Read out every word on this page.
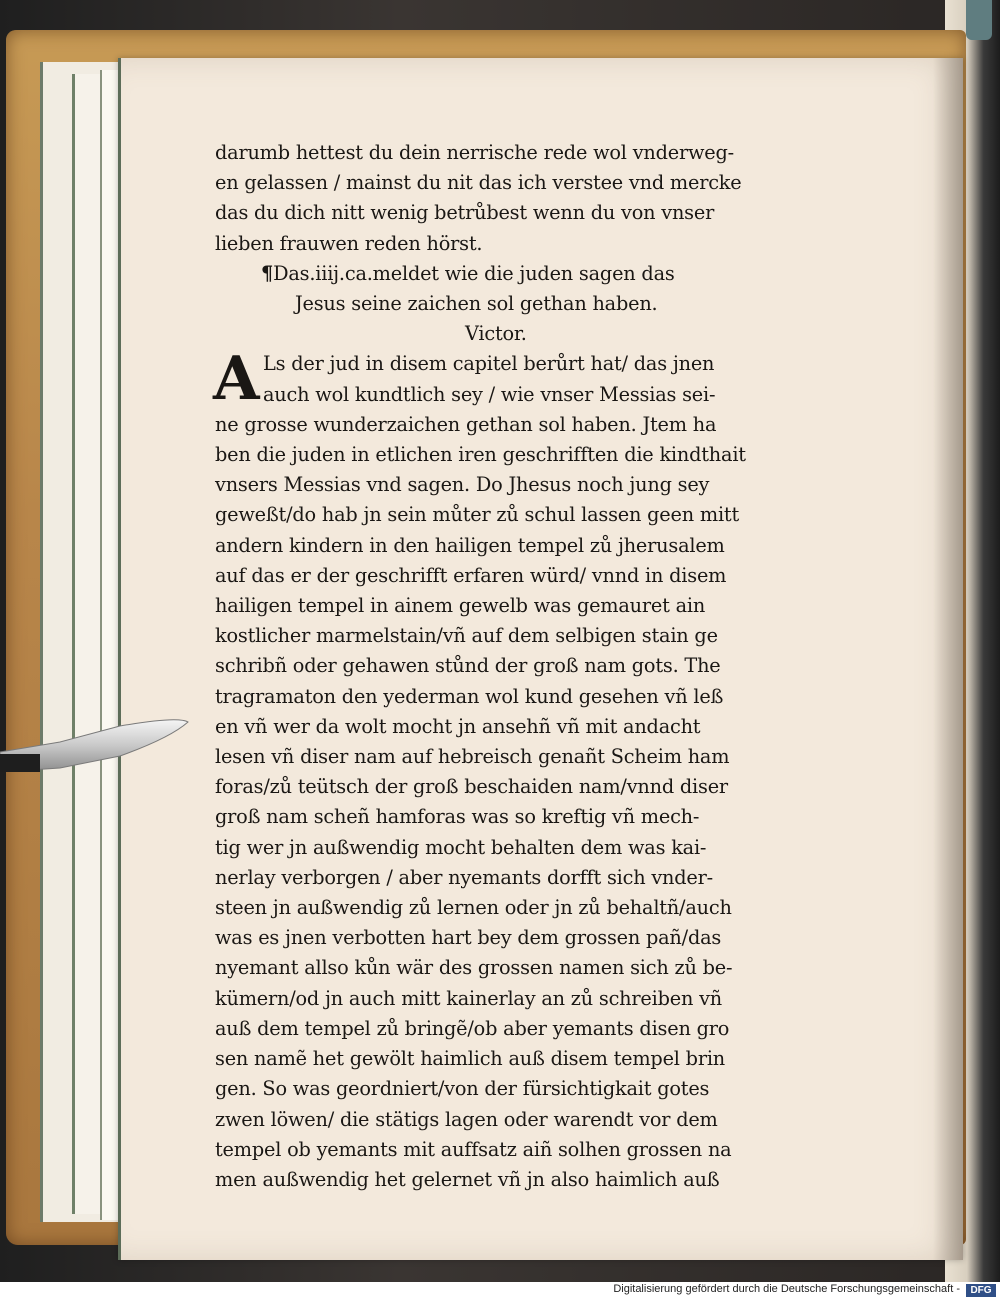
darumb hettest du dein nerrische rede wol vnderweg-
en gelassen / mainst du nit das ich verstee vnd mercke
das du dich nitt wenig betrůbest wenn du von vnser
lieben frauwen reden hörst.
¶Das.iiij.ca.meldet wie die juden sagen das
Jesus seine zaichen sol gethan haben.
Victor.
A Ls der jud in disem capitel berůrt hat/ das jnen
auch wol kundtlich sey / wie vnser Messias sei-
ne grosse wunderzaichen gethan sol haben. Jtem ha
ben die juden in etlichen iren geschrifften die kindthait
vnsers Messias vnd sagen. Do Jhesus noch jung sey
geweßt/do hab jn sein můter zů schul lassen geen mitt
andern kindern in den hailigen tempel zů jherusalem
auf das er der geschrifft erfaren würd/ vnnd in disem
hailigen tempel in ainem gewelb was gemauret ain
kostlicher marmelstain/vñ auf dem selbigen stain ge
schribñ oder gehawen stůnd der groß nam gots. The
tragramaton den yederman wol kund gesehen vñ leß
en vñ wer da wolt mocht jn ansehñ vñ mit andacht
lesen vñ diser nam auf hebreisch genañt Scheim ham
foras/zů teütsch der groß beschaiden nam/vnnd diser
groß nam scheñ hamforas was so kreftig vñ mech-
tig wer jn außwendig mocht behalten dem was kai-
nerlay verborgen / aber nyemants dorfft sich vnder-
steen jn außwendig zů lernen oder jn zů behaltñ/auch
was es jnen verbotten hart bey dem grossen pañ/das
nyemant allso kůn wär des grossen namen sich zů be-
kümern/od jn auch mitt kainerlay an zů schreiben vñ
auß dem tempel zů bringẽ/ob aber yemants disen gro
sen namẽ het gewölt haimlich auß disem tempel brin
gen. So was geordniert/von der fürsichtigkait gotes
zwen löwen/ die stätigs lagen oder warendt vor dem
tempel ob yemants mit auffsatz aiñ solhen grossen na
men außwendig het gelernet vñ jn also haimlich auß
Digitalisierung gefördert durch die Deutsche Forschungsgemeinschaft -	DFG
